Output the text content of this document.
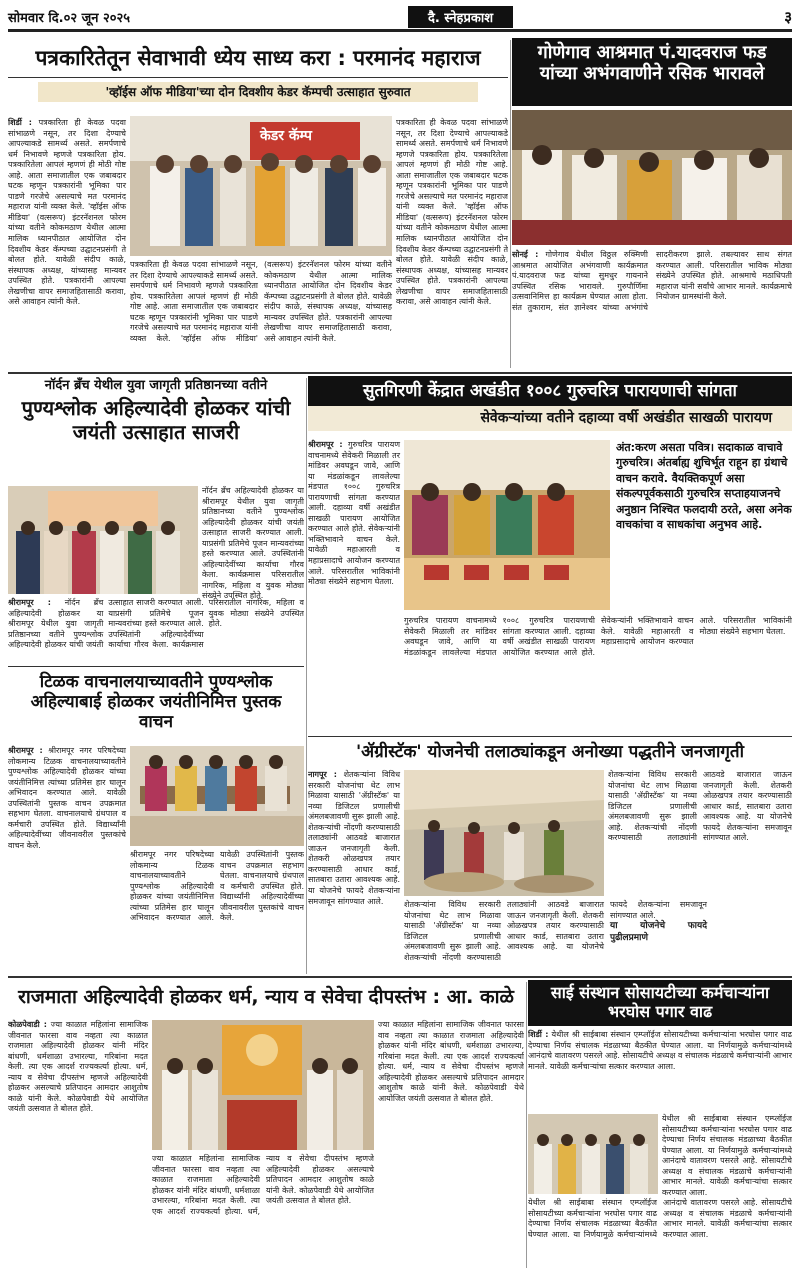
सोमवार दि.०२ जून २०२५	दै. स्नेहप्रकाश	३
पत्रकारितेतून सेवाभावी ध्येय साध्य करा : परमानंद महाराज
'व्हॉईस ऑफ मीडिया'च्या दोन दिवशीय केडर कॅम्पची उत्साहात सुरुवात
शिर्डी : पत्रकारिता ही केवळ पदवा सांभाळणे नसून, तर दिशा देण्याचे आपल्याकडे सामर्थ्य असते. समर्पणाचे धर्म निभावणे म्हणजे पत्रकारिता होय. पत्रकारितेला आपलं म्हणणं ही मोठी गोष्ट आहे. आता समाजातील एक जबाबदार घटक म्हणून पत्रकारांनी भूमिका पार पाडणे गरजेचे असल्याचे मत परमानंद महाराज यांनी व्यक्त केले. 'व्हॉईस ऑफ मीडिया' (वत्सरूप) इंटरनॅशनल फोरम यांच्या वतीने कोकमठाण येथील आत्मा मालिक ध्यानपीठात आयोजित दोन दिवशीय केडर कॅम्पच्या उद्घाटनप्रसंगी ते बोलत होते. यावेळी संदीप काळे, संस्थापक अध्यक्ष, यांच्यासह मान्यवर उपस्थित होते. पत्रकारांनी आपल्या लेखणीचा वापर समाजहितासाठी करावा, असे आवाहन त्यांनी केले.
केडर कॅम्प
पत्रकारिता ही केवळ पदवा सांभाळणे नसून, तर दिशा देण्याचे आपल्याकडे सामर्थ्य असते. समर्पणाचे धर्म निभावणे म्हणजे पत्रकारिता होय. पत्रकारितेला आपलं म्हणणं ही मोठी गोष्ट आहे. आता समाजातील एक जबाबदार घटक म्हणून पत्रकारांनी भूमिका पार पाडणे गरजेचे असल्याचे मत परमानंद महाराज यांनी व्यक्त केले. 'व्हॉईस ऑफ मीडिया' (वत्सरूप) इंटरनॅशनल फोरम यांच्या वतीने कोकमठाण येथील आत्मा मालिक ध्यानपीठात आयोजित दोन दिवशीय केडर कॅम्पच्या उद्घाटनप्रसंगी ते बोलत होते. यावेळी संदीप काळे, संस्थापक अध्यक्ष, यांच्यासह मान्यवर उपस्थित होते. पत्रकारांनी आपल्या लेखणीचा वापर समाजहितासाठी करावा, असे आवाहन त्यांनी केले.
पत्रकारिता ही केवळ पदवा सांभाळणे नसून, तर दिशा देण्याचे आपल्याकडे सामर्थ्य असते. समर्पणाचे धर्म निभावणे म्हणजे पत्रकारिता होय. पत्रकारितेला आपलं म्हणणं ही मोठी गोष्ट आहे. आता समाजातील एक जबाबदार घटक म्हणून पत्रकारांनी भूमिका पार पाडणे गरजेचे असल्याचे मत परमानंद महाराज यांनी व्यक्त केले. 'व्हॉईस ऑफ मीडिया' (वत्सरूप) इंटरनॅशनल फोरम यांच्या वतीने कोकमठाण येथील आत्मा मालिक ध्यानपीठात आयोजित दोन दिवशीय केडर कॅम्पच्या उद्घाटनप्रसंगी ते बोलत होते. यावेळी संदीप काळे, संस्थापक अध्यक्ष, यांच्यासह मान्यवर उपस्थित होते. पत्रकारांनी आपल्या लेखणीचा वापर समाजहितासाठी करावा, असे आवाहन त्यांनी केले.
गोणेगाव आश्रमात पं.यादवराज फड यांच्या अभंगवाणीने रसिक भारावले
सोनई : गोणेगाव येथील विठ्ठल रुक्मिणी आश्रमात आयोजित अभंगवाणी कार्यक्रमात पं.यादवराज फड यांच्या सुमधुर गायनाने उपस्थित रसिक भारावले. गुरुपौर्णिमा उत्सवानिमित्त हा कार्यक्रम घेण्यात आला होता. संत तुकाराम, संत ज्ञानेश्वर यांच्या अभंगांचे सादरीकरण झाले. तबल्यावर साथ संगत करण्यात आली. परिसरातील भाविक मोठ्या संख्येने उपस्थित होते. आश्रमाचे मठाधिपती महाराज यांनी सर्वांचे आभार मानले. कार्यक्रमाचे नियोजन ग्रामस्थांनी केले.
नॉर्दन ब्रँच येथील युवा जागृती प्रतिष्ठानच्या वतीने
पुण्यश्लोक अहिल्यादेवी होळकर यांची जयंती उत्साहात साजरी
नॉर्दन ब्रँच अहिल्यादेवी होळकर या श्रीरामपूर येथील युवा जागृती प्रतिष्ठानच्या वतीने पुण्यश्लोक अहिल्यादेवी होळकर यांची जयंती उत्साहात साजरी करण्यात आली. याप्रसंगी प्रतिमेचे पूजन मान्यवरांच्या हस्ते करण्यात आले. उपस्थितांनी अहिल्यादेवींच्या कार्याचा गौरव केला. कार्यक्रमास परिसरातील नागरिक, महिला व युवक मोठ्या संख्येने उपस्थित होते.
श्रीरामपूर : नॉर्दन ब्रँच अहिल्यादेवी होळकर या श्रीरामपूर येथील युवा जागृती प्रतिष्ठानच्या वतीने पुण्यश्लोक अहिल्यादेवी होळकर यांची जयंती उत्साहात साजरी करण्यात आली. याप्रसंगी प्रतिमेचे पूजन मान्यवरांच्या हस्ते करण्यात आले. उपस्थितांनी अहिल्यादेवींच्या कार्याचा गौरव केला. कार्यक्रमास परिसरातील नागरिक, महिला व युवक मोठ्या संख्येने उपस्थित होते.
सुतगिरणी केंद्रात अखंडीत १००८ गुरुचरित्र पारायणाची सांगता
सेवेकऱ्यांच्या वतीने दहाव्या वर्षी अखंडीत साखळी पारायण
श्रीरामपूर : गुरुचरित्र पारायण वाचनामध्ये सेवेकरी मिळाली तर मांडिवर अवघडून जावे, आणि या मंडळांकडून लावलेल्या मंडपात १००८ गुरुचरित्र पारायणाची सांगता करण्यात आली. दहाव्या वर्षी अखंडीत साखळी पारायण आयोजित करण्यात आले होते. सेवेकऱ्यांनी भक्तिभावाने वाचन केले. यावेळी महाआरती व महाप्रसादाचे आयोजन करण्यात आले. परिसरातील भाविकांनी मोठ्या संख्येने सहभाग घेतला.
अंत:करण असता पवित्र। सदाकाळ वाचावे गुरुचरित्र। अंतर्बाह्य शुचिर्भूत राहून हा ग्रंथाचे वाचन करावे. वैयक्तिकपूर्ण असा संकल्पपूर्वकसाठी गुरुचरित्र सप्ताहयाजनचे अनुष्ठान निश्चित फलदायी ठरते, असा अनेक वाचकांचा व साधकांचा अनुभव आहे.
गुरुचरित्र पारायण वाचनामध्ये सेवेकरी मिळाली तर मांडिवर अवघडून जावे, आणि या मंडळांकडून लावलेल्या मंडपात १००८ गुरुचरित्र पारायणाची सांगता करण्यात आली. दहाव्या वर्षी अखंडीत साखळी पारायण आयोजित करण्यात आले होते. सेवेकऱ्यांनी भक्तिभावाने वाचन केले. यावेळी महाआरती व महाप्रसादाचे आयोजन करण्यात आले. परिसरातील भाविकांनी मोठ्या संख्येने सहभाग घेतला.
टिळक वाचनालयाच्यावतीने पुण्यश्लोक अहिल्याबाई होळकर जयंतीनिमित्त पुस्तक वाचन
श्रीरामपूर : श्रीरामपूर नगर परिषदेच्या लोकमान्य टिळक वाचनालयाच्यावतीने पुण्यश्लोक अहिल्यादेवी होळकर यांच्या जयंतीनिमित्त त्यांच्या प्रतिमेस हार घालून अभिवादन करण्यात आले. यावेळी उपस्थितांनी पुस्तक वाचन उपक्रमात सहभाग घेतला. वाचनालयाचे ग्रंथपाल व कर्मचारी उपस्थित होते. विद्यार्थ्यांनी अहिल्यादेवींच्या जीवनावरील पुस्तकांचे वाचन केले.
श्रीरामपूर नगर परिषदेच्या लोकमान्य टिळक वाचनालयाच्यावतीने पुण्यश्लोक अहिल्यादेवी होळकर यांच्या जयंतीनिमित्त त्यांच्या प्रतिमेस हार घालून अभिवादन करण्यात आले. यावेळी उपस्थितांनी पुस्तक वाचन उपक्रमात सहभाग घेतला. वाचनालयाचे ग्रंथपाल व कर्मचारी उपस्थित होते. विद्यार्थ्यांनी अहिल्यादेवींच्या जीवनावरील पुस्तकांचे वाचन केले.
'ॲग्रीस्टॅक' योजनेची तलाठ्यांकडून अनोख्या पद्धतीने जनजागृती
नागपूर : शेतकऱ्यांना विविध सरकारी योजनांचा थेट लाभ मिळावा यासाठी 'ॲग्रीस्टॅक' या नव्या डिजिटल प्रणालीची अंमलबजावणी सुरू झाली आहे. शेतकऱ्यांची नोंदणी करण्यासाठी तलाठ्यांनी आठवडे बाजारात जाऊन जनजागृती केली. शेतकरी ओळखपत्र तयार करण्यासाठी आधार कार्ड, सातबारा उतारा आवश्यक आहे. या योजनेचे फायदे शेतकऱ्यांना समजावून सांगण्यात आले.
शेतकऱ्यांना विविध सरकारी योजनांचा थेट लाभ मिळावा यासाठी 'ॲग्रीस्टॅक' या नव्या डिजिटल प्रणालीची अंमलबजावणी सुरू झाली आहे. शेतकऱ्यांची नोंदणी करण्यासाठी तलाठ्यांनी आठवडे बाजारात जाऊन जनजागृती केली. शेतकरी ओळखपत्र तयार करण्यासाठी आधार कार्ड, सातबारा उतारा आवश्यक आहे. या योजनेचे फायदे शेतकऱ्यांना समजावून सांगण्यात आले.
शेतकऱ्यांना विविध सरकारी योजनांचा थेट लाभ मिळावा यासाठी 'ॲग्रीस्टॅक' या नव्या डिजिटल प्रणालीची अंमलबजावणी सुरू झाली आहे. शेतकऱ्यांची नोंदणी करण्यासाठी तलाठ्यांनी आठवडे बाजारात जाऊन जनजागृती केली. शेतकरी ओळखपत्र तयार करण्यासाठी आधार कार्ड, सातबारा उतारा आवश्यक आहे. या योजनेचे फायदे शेतकऱ्यांना समजावून सांगण्यात आले.
या योजनेचे फायदे पुढीलप्रमाणे
राजमाता अहिल्यादेवी होळकर धर्म, न्याय व सेवेचा दीपस्तंभ : आ. काळे
कोळपेवाडी : ज्या काळात महिलांना सामाजिक जीवनात फारसा वाव नव्हता त्या काळात राजमाता अहिल्यादेवी होळकर यांनी मंदिर बांधणी, धर्मशाळा उभारल्या, गरिबांना मदत केली. त्या एक आदर्श राज्यकर्त्या होत्या. धर्म, न्याय व सेवेचा दीपस्तंभ म्हणजे अहिल्यादेवी होळकर असल्याचे प्रतिपादन आमदार आशुतोष काळे यांनी केले. कोळपेवाडी येथे आयोजित जयंती उत्सवात ते बोलत होते.
ज्या काळात महिलांना सामाजिक जीवनात फारसा वाव नव्हता त्या काळात राजमाता अहिल्यादेवी होळकर यांनी मंदिर बांधणी, धर्मशाळा उभारल्या, गरिबांना मदत केली. त्या एक आदर्श राज्यकर्त्या होत्या. धर्म, न्याय व सेवेचा दीपस्तंभ म्हणजे अहिल्यादेवी होळकर असल्याचे प्रतिपादन आमदार आशुतोष काळे यांनी केले. कोळपेवाडी येथे आयोजित जयंती उत्सवात ते बोलत होते.
ज्या काळात महिलांना सामाजिक जीवनात फारसा वाव नव्हता त्या काळात राजमाता अहिल्यादेवी होळकर यांनी मंदिर बांधणी, धर्मशाळा उभारल्या, गरिबांना मदत केली. त्या एक आदर्श राज्यकर्त्या होत्या. धर्म, न्याय व सेवेचा दीपस्तंभ म्हणजे अहिल्यादेवी होळकर असल्याचे प्रतिपादन आमदार आशुतोष काळे यांनी केले. कोळपेवाडी येथे आयोजित जयंती उत्सवात ते बोलत होते.
साई संस्थान सोसायटीच्या कर्मचाऱ्यांना भरघोस पगार वाढ
शिर्डी : येथील श्री साईबाबा संस्थान एम्प्लॉईज सोसायटीच्या कर्मचाऱ्यांना भरघोस पगार वाढ देण्याचा निर्णय संचालक मंडळाच्या बैठकीत घेण्यात आला. या निर्णयामुळे कर्मचाऱ्यांमध्ये आनंदाचे वातावरण पसरले आहे. सोसायटीचे अध्यक्ष व संचालक मंडळाचे कर्मचाऱ्यांनी आभार मानले. यावेळी कर्मचाऱ्यांचा सत्कार करण्यात आला.
येथील श्री साईबाबा संस्थान एम्प्लॉईज सोसायटीच्या कर्मचाऱ्यांना भरघोस पगार वाढ देण्याचा निर्णय संचालक मंडळाच्या बैठकीत घेण्यात आला. या निर्णयामुळे कर्मचाऱ्यांमध्ये आनंदाचे वातावरण पसरले आहे. सोसायटीचे अध्यक्ष व संचालक मंडळाचे कर्मचाऱ्यांनी आभार मानले. यावेळी कर्मचाऱ्यांचा सत्कार करण्यात आला.
येथील श्री साईबाबा संस्थान एम्प्लॉईज सोसायटीच्या कर्मचाऱ्यांना भरघोस पगार वाढ देण्याचा निर्णय संचालक मंडळाच्या बैठकीत घेण्यात आला. या निर्णयामुळे कर्मचाऱ्यांमध्ये आनंदाचे वातावरण पसरले आहे. सोसायटीचे अध्यक्ष व संचालक मंडळाचे कर्मचाऱ्यांनी आभार मानले. यावेळी कर्मचाऱ्यांचा सत्कार करण्यात आला.
